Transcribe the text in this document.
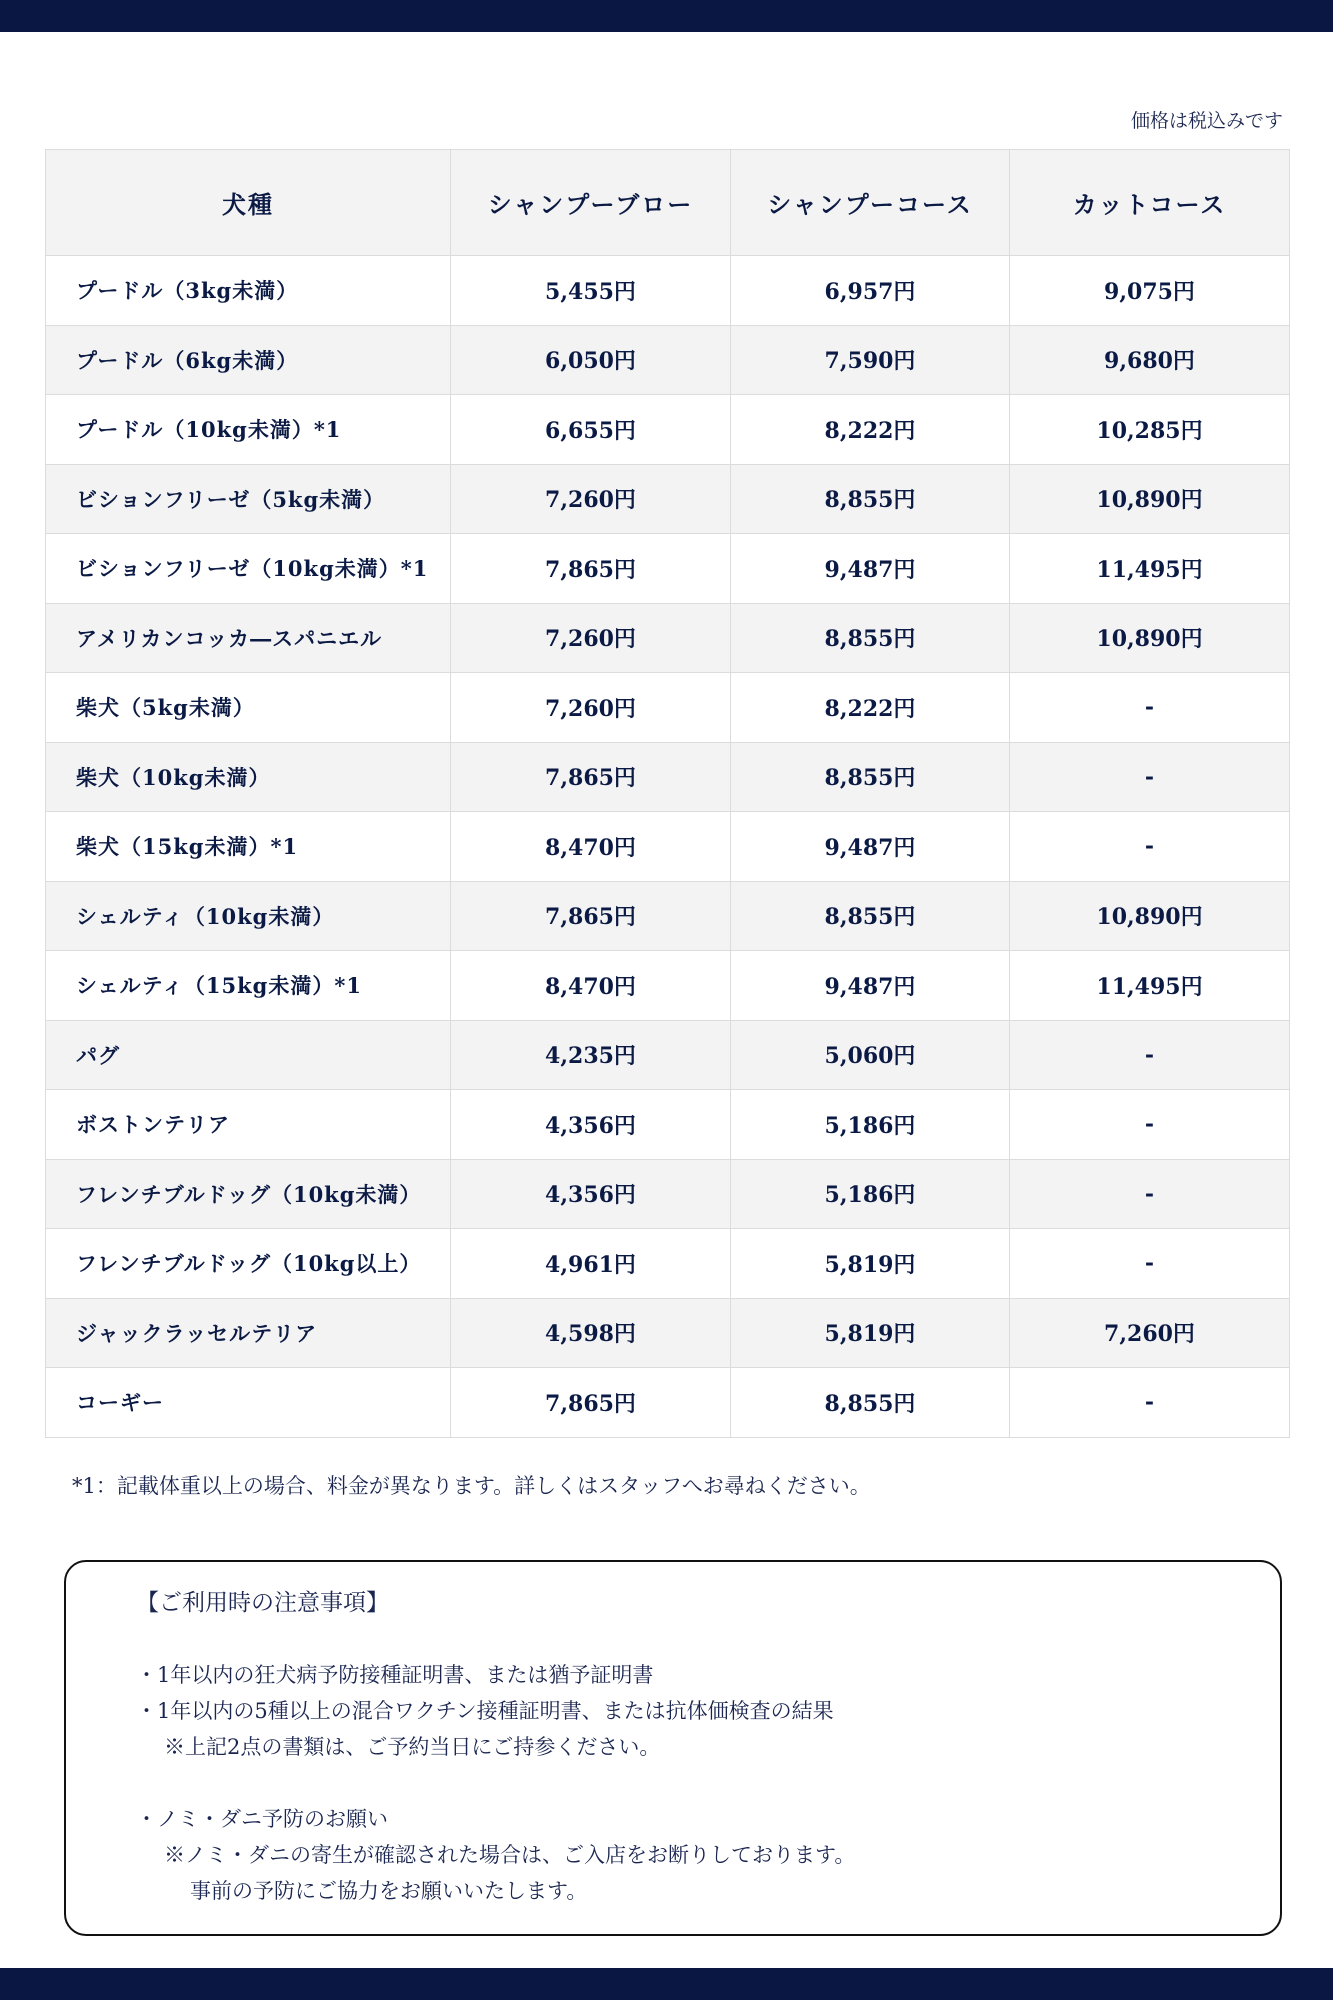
価格は税込みです
犬種	シャンプーブロー	シャンプーコース	カットコース
プードル（3kg未満）	5,455円	6,957円	9,075円
プードル（6kg未満）	6,050円	7,590円	9,680円
プードル（10kg未満）*1	6,655円	8,222円	10,285円
ビションフリーゼ（5kg未満）	7,260円	8,855円	10,890円
ビションフリーゼ（10kg未満）*1	7,865円	9,487円	11,495円
アメリカンコッカ―スパニエル	7,260円	8,855円	10,890円
柴犬（5kg未満）	7,260円	8,222円	-
柴犬（10kg未満）	7,865円	8,855円	-
柴犬（15kg未満）*1	8,470円	9,487円	-
シェルティ（10kg未満）	7,865円	8,855円	10,890円
シェルティ（15kg未満）*1	8,470円	9,487円	11,495円
パグ	4,235円	5,060円	-
ボストンテリア	4,356円	5,186円	-
フレンチブルドッグ（10kg未満）	4,356円	5,186円	-
フレンチブルドッグ（10kg以上）	4,961円	5,819円	-
ジャックラッセルテリア	4,598円	5,819円	7,260円
コーギー	7,865円	8,855円	-
*1：記載体重以上の場合、料金が異なります。詳しくはスタッフへお尋ねください。
【ご利用時の注意事項】
・1年以内の狂犬病予防接種証明書、または猶予証明書
・1年以内の5種以上の混合ワクチン接種証明書、または抗体価検査の結果
※上記2点の書類は、ご予約当日にご持参ください。
・ノミ・ダニ予防のお願い
※ノミ・ダニの寄生が確認された場合は、ご入店をお断りしております。
事前の予防にご協力をお願いいたします。
